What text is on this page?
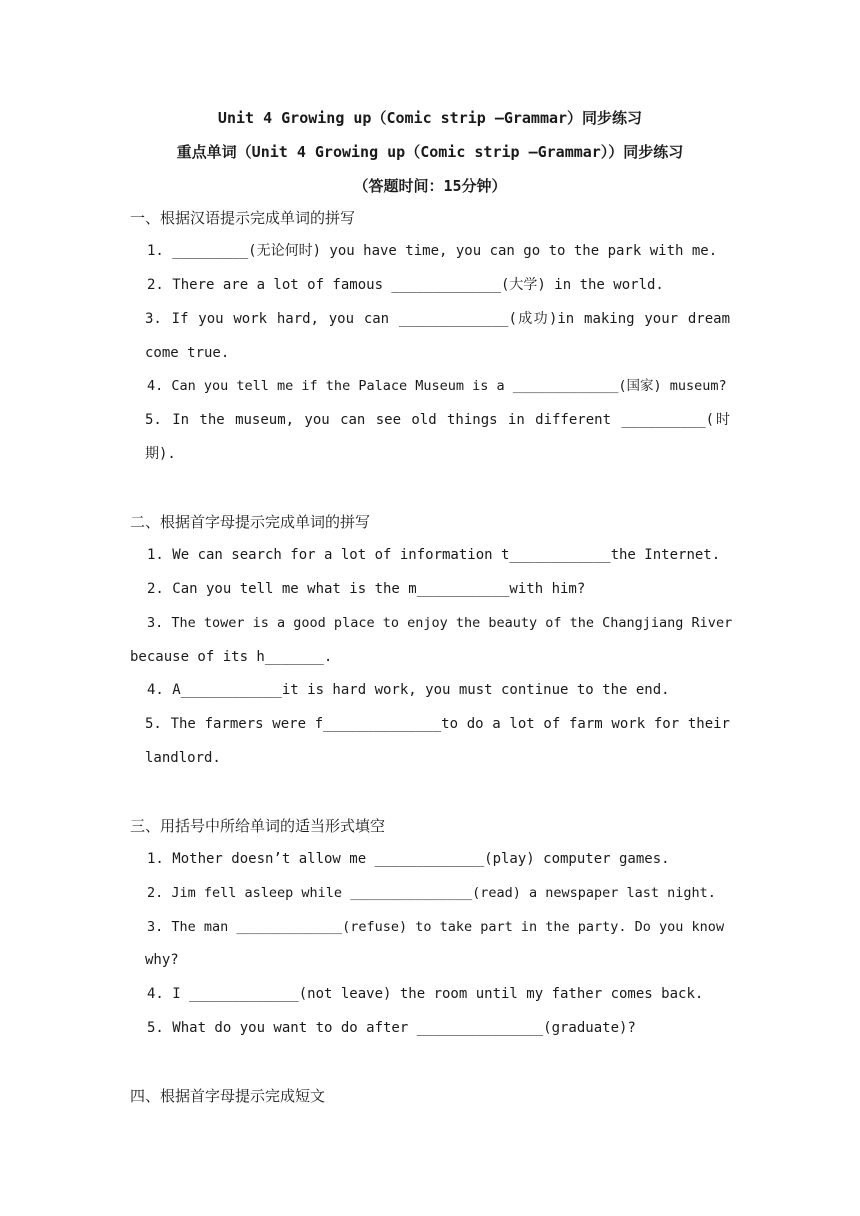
Unit 4 Growing up（Comic strip –Grammar）同步练习
重点单词（Unit 4 Growing up（Comic strip –Grammar））同步练习
（答题时间：15分钟）
一、根据汉语提示完成单词的拼写
1. _________(无论何时) you have time, you can go to the park with me.
2. There are a lot of famous _____________(大学) in the world.
3. If you work hard, you can _____________(成功)in making your dream
come true.
4. Can you tell me if the Palace Museum is a _____________(国家) museum?
5. In the museum, you can see old things in different __________(时
期).
二、根据首字母提示完成单词的拼写
1. We can search for a lot of information t____________the Internet.
2. Can you tell me what is the m___________with him?
3. The tower is a good place to enjoy the beauty of the Changjiang River
because of its h_______.
4. A____________it is hard work, you must continue to the end.
5. The farmers were f______________to do a lot of farm work for their
landlord.
三、用括号中所给单词的适当形式填空
1. Mother doesn’t allow me _____________(play) computer games.
2. Jim fell asleep while _______________(read) a newspaper last night.
3. The man _____________(refuse) to take part in the party. Do you know
why?
4. I _____________(not leave) the room until my father comes back.
5. What do you want to do after _______________(graduate)?
四、根据首字母提示完成短文
